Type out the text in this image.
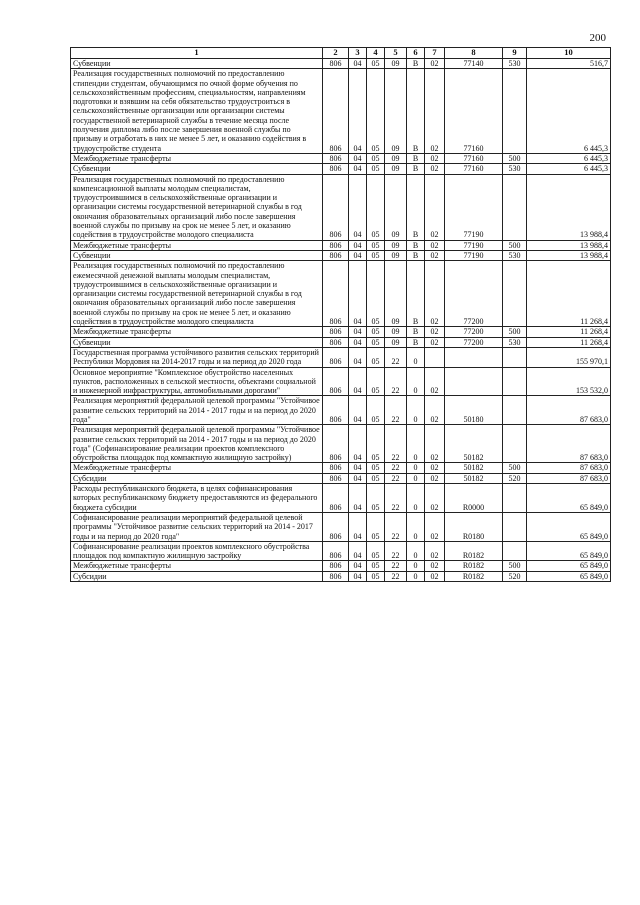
200
1	2	3	4	5	6	7	8	9	10
Субвенции	806	04	05	09	В	02	77140	530	516,7
Реализация государственных полномочий по предоставлению стипендии студентам, обучающимся по очной форме обучения по сельскохозяйственным профессиям, специальностям, направлениям подготовки и взявшим на себя обязательство трудоустроиться в сельскохозяйственные организации или организации системы государственной ветеринарной службы в течение месяца после получения диплома либо после завершения военной службы по призыву и отработать в них не менее 5 лет, и оказанию содействия в трудоустройстве студента	806	04	05	09	В	02	77160		6 445,3
Межбюджетные трансферты	806	04	05	09	В	02	77160	500	6 445,3
Субвенции	806	04	05	09	В	02	77160	530	6 445,3
Реализация государственных полномочий по предоставлению компенсационной выплаты молодым специалистам, трудоустроившимся в сельскохозяйственные организации и организации системы государственной ветеринарной службы в год окончания образовательных организаций либо после завершения военной службы по призыву на срок не менее 5 лет, и оказанию содействия в трудоустройстве молодого специалиста	806	04	05	09	В	02	77190		13 988,4
Межбюджетные трансферты	806	04	05	09	В	02	77190	500	13 988,4
Субвенции	806	04	05	09	В	02	77190	530	13 988,4
Реализация государственных полномочий по предоставлению ежемесячной денежной выплаты молодым специалистам, трудоустроившимся в сельскохозяйственные организации и организации системы государственной ветеринарной службы в год окончания образовательных организаций либо после завершения военной службы по призыву на срок не менее 5 лет, и оказанию содействия в трудоустройстве молодого специалиста	806	04	05	09	В	02	77200		11 268,4
Межбюджетные трансферты	806	04	05	09	В	02	77200	500	11 268,4
Субвенции	806	04	05	09	В	02	77200	530	11 268,4
Государственная программа устойчивого развития сельских территорий Республики Мордовия на 2014-2017 годы и на период до 2020 года	806	04	05	22	0				155 970,1
Основное мероприятие "Комплексное обустройство населенных пунктов, расположенных в сельской местности, объектами социальной и инженерной инфраструктуры, автомобильными дорогами"	806	04	05	22	0	02			153 532,0
Реализация мероприятий федеральной целевой программы "Устойчивое развитие сельских территорий на 2014 - 2017 годы и на период до 2020 года"	806	04	05	22	0	02	50180		87 683,0
Реализация мероприятий федеральной целевой программы "Устойчивое развитие сельских территорий на 2014 - 2017 годы и на период до 2020 года" (Софинансирование реализации проектов комплексного обустройства площадок под компактную жилищную застройку)	806	04	05	22	0	02	50182		87 683,0
Межбюджетные трансферты	806	04	05	22	0	02	50182	500	87 683,0
Субсидии	806	04	05	22	0	02	50182	520	87 683,0
Расходы республиканского бюджета, в целях софинансирования которых республиканскому бюджету предоставляются из федерального бюджета субсидии	806	04	05	22	0	02	R0000		65 849,0
Софинансирование реализации мероприятий федеральной целевой программы "Устойчивое развитие сельских территорий на 2014 - 2017 годы и на период до 2020 года"	806	04	05	22	0	02	R0180		65 849,0
Софинансирование реализации проектов комплексного обустройства площадок под компактную жилищную застройку	806	04	05	22	0	02	R0182		65 849,0
Межбюджетные трансферты	806	04	05	22	0	02	R0182	500	65 849,0
Субсидии	806	04	05	22	0	02	R0182	520	65 849,0
